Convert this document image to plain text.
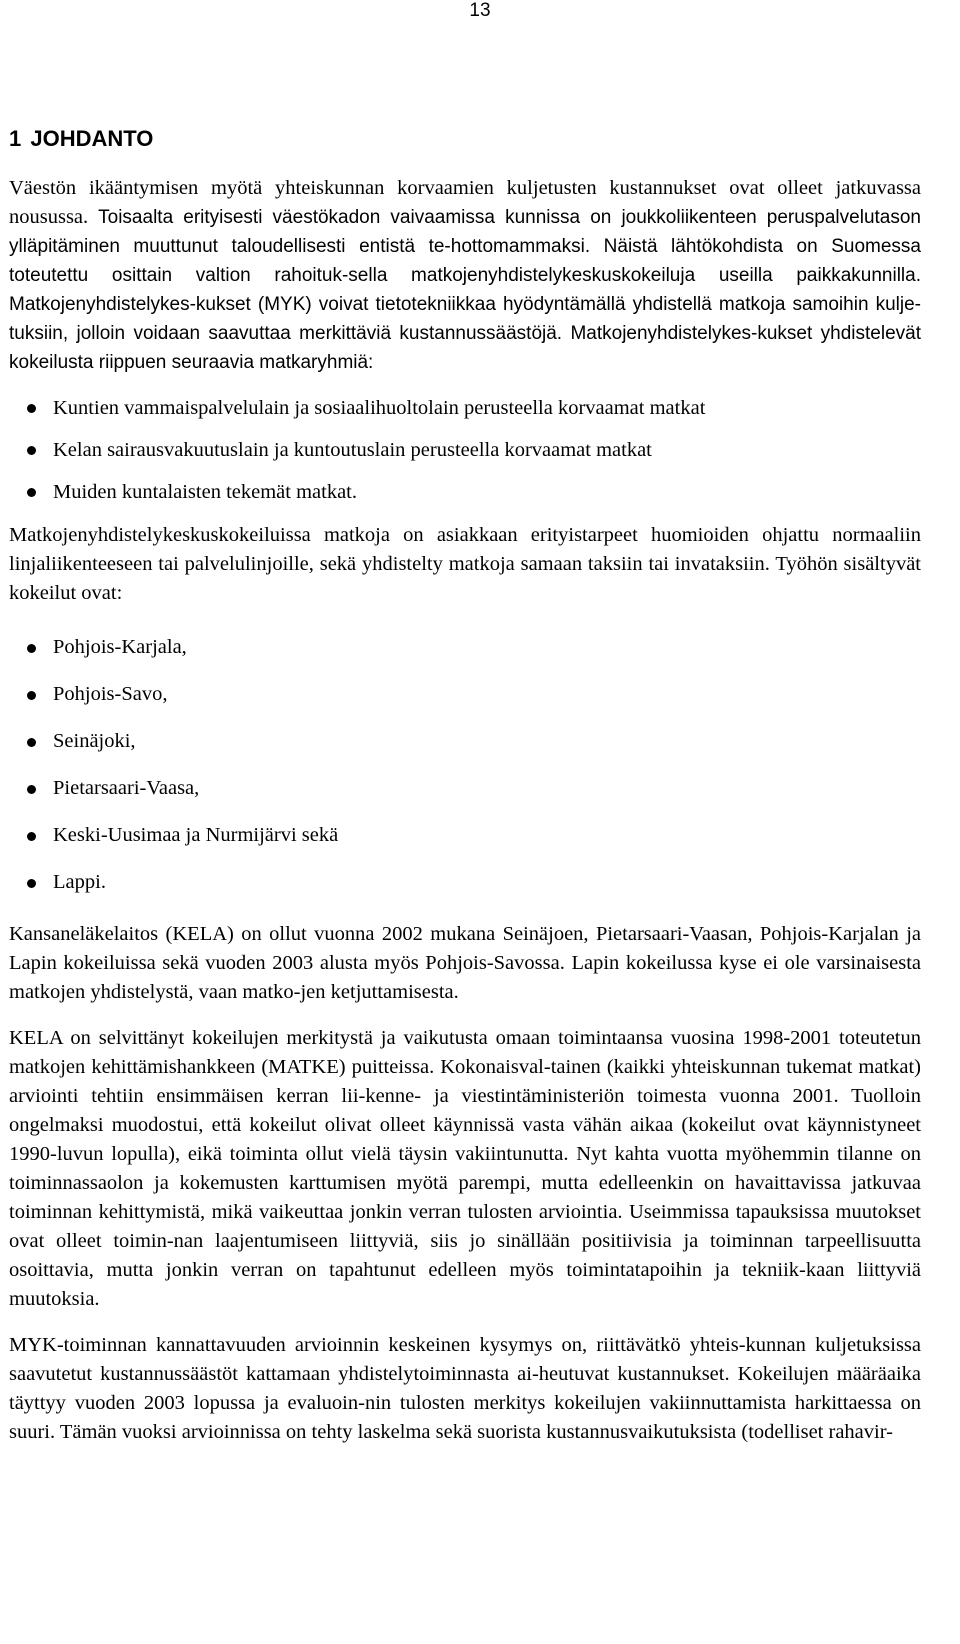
13
1 JOHDANTO

Väestön ikääntymisen myötä yhteiskunnan korvaamien kuljetusten kustannukset ovat olleet jatkuvassa nousussa. Toisaalta erityisesti väestökadon vaivaamissa kunnissa on joukkoliikenteen peruspalvelutason ylläpitäminen muuttunut taloudellisesti entistä te-hottomammaksi. Näistä lähtökohdista on Suomessa toteutettu osittain valtion rahoituk-sella matkojenyhdistelykeskuskokeiluja useilla paikkakunnilla. Matkojenyhdistelykes-kukset (MYK) voivat tietotekniikkaa hyödyntämällä yhdistellä matkoja samoihin kulje-tuksiin, jolloin voidaan saavuttaa merkittäviä kustannussäästöjä. Matkojenyhdistelykes-kukset yhdistelevät kokeilusta riippuen seuraavia matkaryhmiä:

Kuntien vammaispalvelulain ja sosiaalihuoltolain perusteella korvaamat matkat
Kelan sairausvakuutuslain ja kuntoutuslain perusteella korvaamat matkat
Muiden kuntalaisten tekemät matkat.

Matkojenyhdistelykeskuskokeiluissa matkoja on asiakkaan erityistarpeet huomioiden ohjattu normaaliin linjaliikenteeseen tai palvelulinjoille, sekä yhdistelty matkoja samaan taksiin tai invataksiin. Työhön sisältyvät kokeilut ovat:

Pohjois-Karjala,
Pohjois-Savo,
Seinäjoki,
Pietarsaari-Vaasa,
Keski-Uusimaa ja Nurmijärvi sekä
Lappi.

Kansaneläkelaitos (KELA) on ollut vuonna 2002 mukana Seinäjoen, Pietarsaari-Vaasan, Pohjois-Karjalan ja Lapin kokeiluissa sekä vuoden 2003 alusta myös Pohjois-Savossa. Lapin kokeilussa kyse ei ole varsinaisesta matkojen yhdistelystä, vaan matko-jen ketjuttamisesta.

KELA on selvittänyt kokeilujen merkitystä ja vaikutusta omaan toimintaansa vuosina 1998-2001 toteutetun matkojen kehittämishankkeen (MATKE) puitteissa. Kokonaisval-tainen (kaikki yhteiskunnan tukemat matkat) arviointi tehtiin ensimmäisen kerran lii-kenne- ja viestintäministeriön toimesta vuonna 2001. Tuolloin ongelmaksi muodostui, että kokeilut olivat olleet käynnissä vasta vähän aikaa (kokeilut ovat käynnistyneet 1990-luvun lopulla), eikä toiminta ollut vielä täysin vakiintunutta. Nyt kahta vuotta myöhemmin tilanne on toiminnassaolon ja kokemusten karttumisen myötä parempi, mutta edelleenkin on havaittavissa jatkuvaa toiminnan kehittymistä, mikä vaikeuttaa jonkin verran tulosten arviointia. Useimmissa tapauksissa muutokset ovat olleet toimin-nan laajentumiseen liittyviä, siis jo sinällään positiivisia ja toiminnan tarpeellisuutta osoittavia, mutta jonkin verran on tapahtunut edelleen myös toimintatapoihin ja tekniik-kaan liittyviä muutoksia.

MYK-toiminnan kannattavuuden arvioinnin keskeinen kysymys on, riittävätkö yhteis-kunnan kuljetuksissa saavutetut kustannussäästöt kattamaan yhdistelytoiminnasta ai-heutuvat kustannukset. Kokeilujen määräaika täyttyy vuoden 2003 lopussa ja evaluoin-nin tulosten merkitys kokeilujen vakiinnuttamista harkittaessa on suuri. Tämän vuoksi arvioinnissa on tehty laskelma sekä suorista kustannusvaikutuksista (todelliset rahavir-
